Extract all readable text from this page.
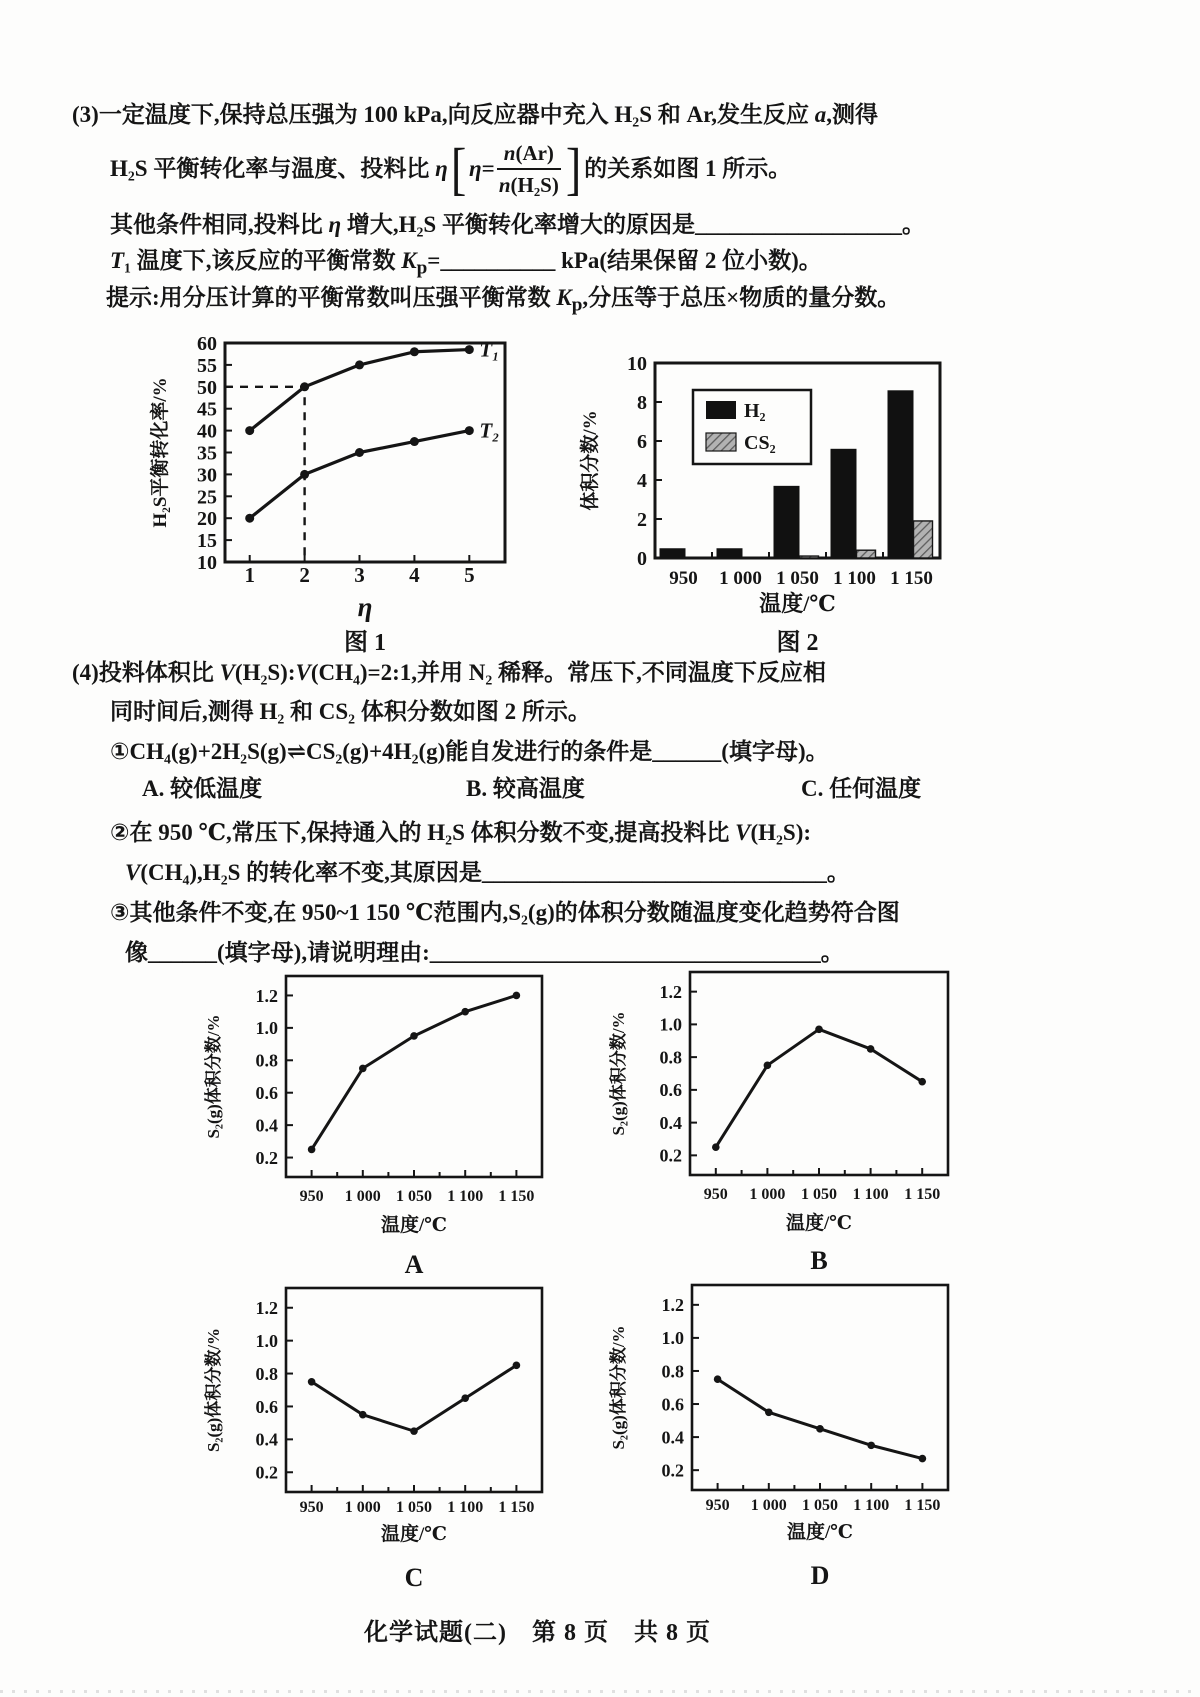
(3)一定温度下,保持总压强为 100 kPa,向反应器中充入 H₂S 和 Ar,发生反应 a,测得
H₂S 平衡转化率与温度、投料比 η [ $\eta= \frac{n(Ar)}{\text{n(H₂S)}}$ ] 的关系如图 1 所示。
其他条件相同,投料比 η 增大,H₂S 平衡转化率增大的原因是__________________。
T₁ 温度下,该反应的平衡常数 $K_p=\_\_\_\_\_\_\_\_\_\_$ kPa(结果保留 2 位小数)。
提示:用分压计算的平衡常数叫压强平衡常数 $K_p$,分压等于总压×物质的量分数。
10
15
20
25
30
35
40
45
50
55
60
η
H₂S平衡转化率/%
1 2 3 4 5
T₁
T₂
图 1
0
2
4
6
8
10
温度/℃
体积分数/%
950 1 000 1 050 1 100 1 150
H₂
CS₂
图 2
(4)投料体积比 V(H₂S):V(CH₄)=2:1,并用 N₂ 稀释。常压下,不同温度下反应相
同时间后,测得 H₂ 和 CS₂ 体积分数如图 2 所示。
①CH₄(g)+2H₂S(g)⇌CS₂(g)+4H₂(g)能自发进行的条件是______(填字母)。
A. 较低温度	B. 较高温度	C. 任何温度
②在 950 ℃,常压下,保持通入的 H₂S 体积分数不变,提高投料比 V(H₂S):
V(CH₄),H₂S 的转化率不变,其原因是______________________________。
③其他条件不变,在 950~1 150 ℃范围内,S₂(g)的体积分数随温度变化趋势符合图
像______(填字母),请说明理由:__________________________________。
0.2
0.4
0.6
0.8
1.0
1.2
温度/℃
S₂(g)体积分数/%
950 1 000 1 050 1 100 1 150
A
0.2
0.4
0.6
0.8
1.0
1.2
温度/℃
S₂(g)体积分数/%
950 1 000 1 050 1 100 1 150
B
0.2
0.4
0.6
0.8
1.0
1.2
温度/℃
S₂(g)体积分数/%
950 1 000 1 050 1 100 1 150
C
0.2
0.4
0.6
0.8
1.0
1.2
温度/℃
S₂(g)体积分数/%
950 1 000 1 050 1 100 1 150
D
化学试题(二)　第 8 页　共 8 页
